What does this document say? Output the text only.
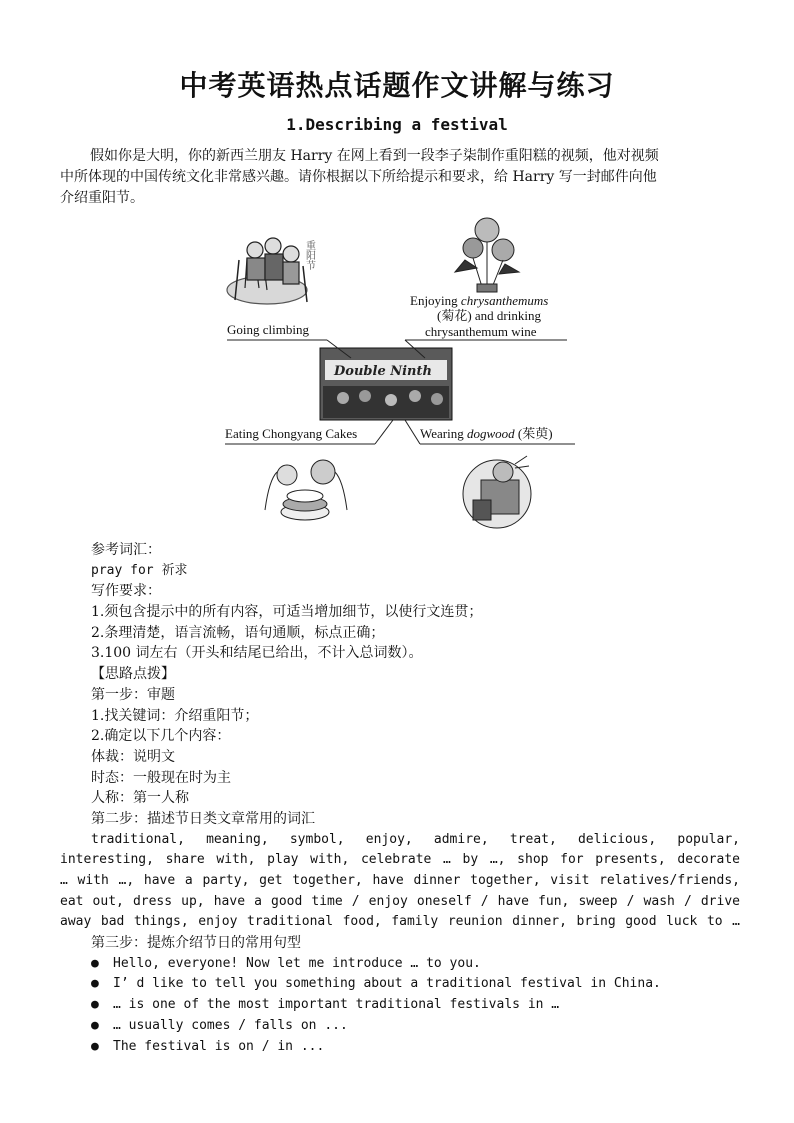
中考英语热点话题作文讲解与练习
1.Describing a festival
假如你是大明，你的新西兰朋友 Harry 在网上看到一段李子柒制作重阳糕的视频，他对视频
中所体现的中国传统文化非常感兴趣。请你根据以下所给提示和要求，给 Harry 写一封邮件向他
介绍重阳节。
重阳节
Double Ninth
Going climbing
Enjoying chrysanthemums
(菊花) and drinking
chrysanthemum wine
Eating Chongyang Cakes	Wearing dogwood (茱萸)
参考词汇：
pray for 祈求
写作要求：
1.须包含提示中的所有内容，可适当增加细节，以使行文连贯；
2.条理清楚，语言流畅，语句通顺，标点正确；
3.100 词左右（开头和结尾已给出，不计入总词数）。
【思路点拨】
第一步：审题
1.找关键词：介绍重阳节；
2.确定以下几个内容：
体裁：说明文
时态：一般现在时为主
人称：第一人称
第二步：描述节日类文章常用的词汇
traditional, meaning, symbol, enjoy, admire, treat, delicious, popular,
interesting, share with, play with, celebrate … by …, shop for presents, decorate
… with …, have a party, get together, have dinner together, visit relatives/friends,
eat out, dress up, have a good time / enjoy oneself / have fun, sweep / wash / drive
away bad things, enjoy traditional food, family reunion dinner, bring good luck to …
第三步：提炼介绍节日的常用句型
● Hello, everyone! Now let me introduce … to you.
● I’ d like to tell you something about a traditional festival in China.
● … is one of the most important traditional festivals in …
● … usually comes / falls on ...
● The festival is on / in ...
